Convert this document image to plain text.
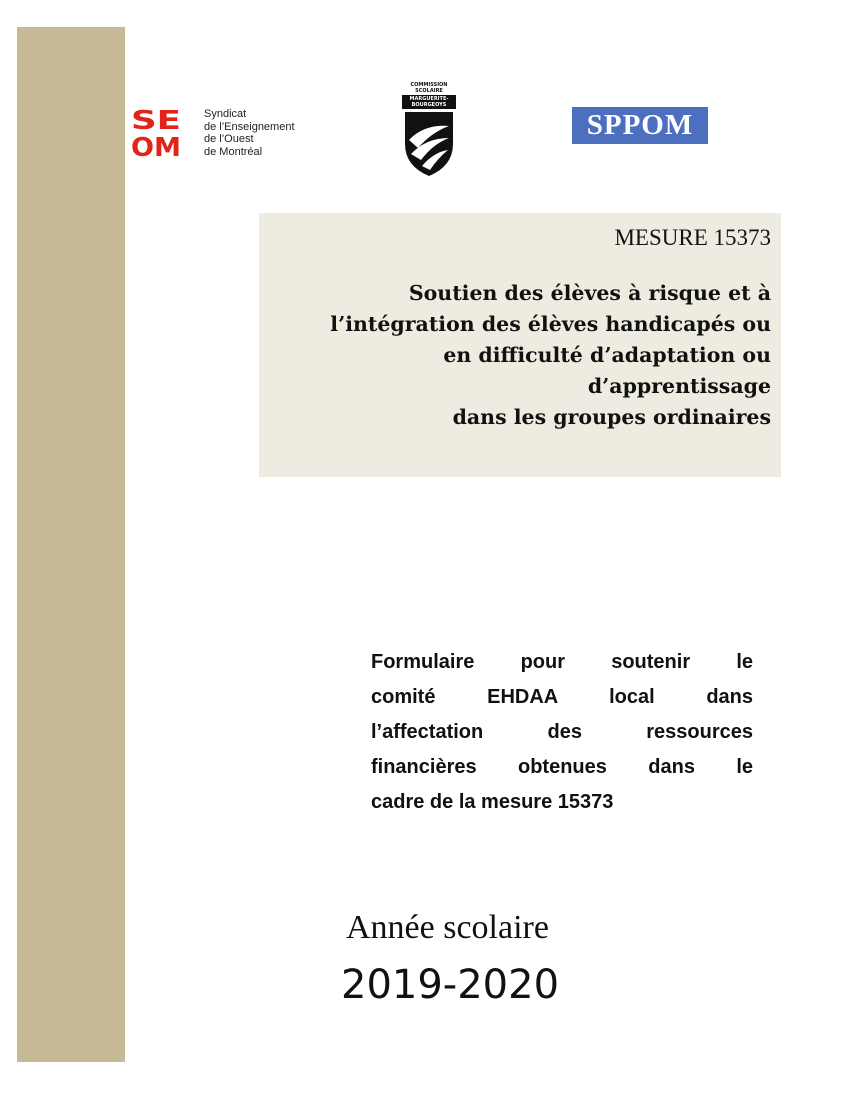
SE
OM
Syndicat
de l’Enseignement
de l’Ouest
de Montréal
COMMISSION
SCOLAIRE
MARGUERITE-BOURGEOYS
SPPOM
MESURE 15373
Soutien des élèves à risque et à
l’intégration des élèves handicapés ou
en difficulté d’adaptation ou
d’apprentissage
dans les groupes ordinaires
Formulaire pour soutenir le
comité EHDAA local dans
l’affectation des ressources
financières obtenues dans le
cadre de la mesure 15373
Année scolaire
2019-2020
